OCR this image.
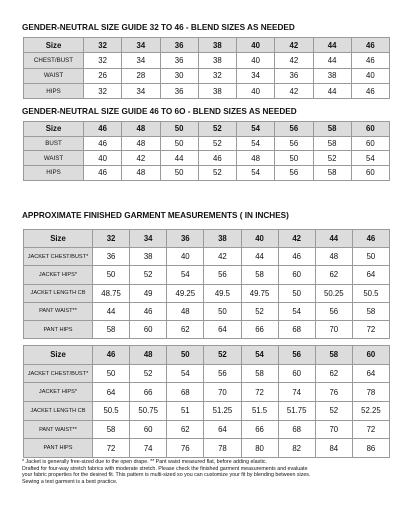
GENDER-NEUTRAL SIZE GUIDE 32 TO 46 - BLEND SIZES AS NEEDED
Size	32	34	36	38	40	42	44	46
CHEST/BUST	32	34	36	38	40	42	44	46
WAIST	26	28	30	32	34	36	38	40
HIPS	32	34	36	38	40	42	44	46
GENDER-NEUTRAL SIZE GUIDE 46 TO 6O - BLEND SIZES AS NEEDED
Size	46	48	50	52	54	56	58	60
BUST	46	48	50	52	54	56	58	60
WAIST	40	42	44	46	48	50	52	54
HIPS	46	48	50	52	54	56	58	60
APPROXIMATE FINISHED GARMENT MEASUREMENTS ( IN INCHES)
Size	32	34	36	38	40	42	44	46
JACKET CHEST/BUST*	36	38	40	42	44	46	48	50
JACKET HIPS*	50	52	54	56	58	60	62	64
JACKET LENGTH CB	48.75	49	49.25	49.5	49.75	50	50.25	50.5
PANT WAIST**	44	46	48	50	52	54	56	58
PANT HIPS	58	60	62	64	66	68	70	72
Size	46	48	50	52	54	56	58	60
JACKET CHEST/BUST*	50	52	54	56	58	60	62	64
JACKET HIPS*	64	66	68	70	72	74	76	78
JACKET LENGTH CB	50.5	50.75	51	51.25	51.5	51.75	52	52.25
PANT WAIST**	58	60	62	64	66	68	70	72
PANT HIPS	72	74	76	78	80	82	84	86
* Jacket is generally free-sized due to the open drape. ** Pant waist measured flat, before adding elastic.
Drafted for four-way stretch fabrics with moderate stretch. Please check the finished garment measurements and evaluate
your fabric properties for the desired fit. This pattern is multi-sized so you can customize your fit by blending between sizes.
Sewing a test garment is a best practice.
